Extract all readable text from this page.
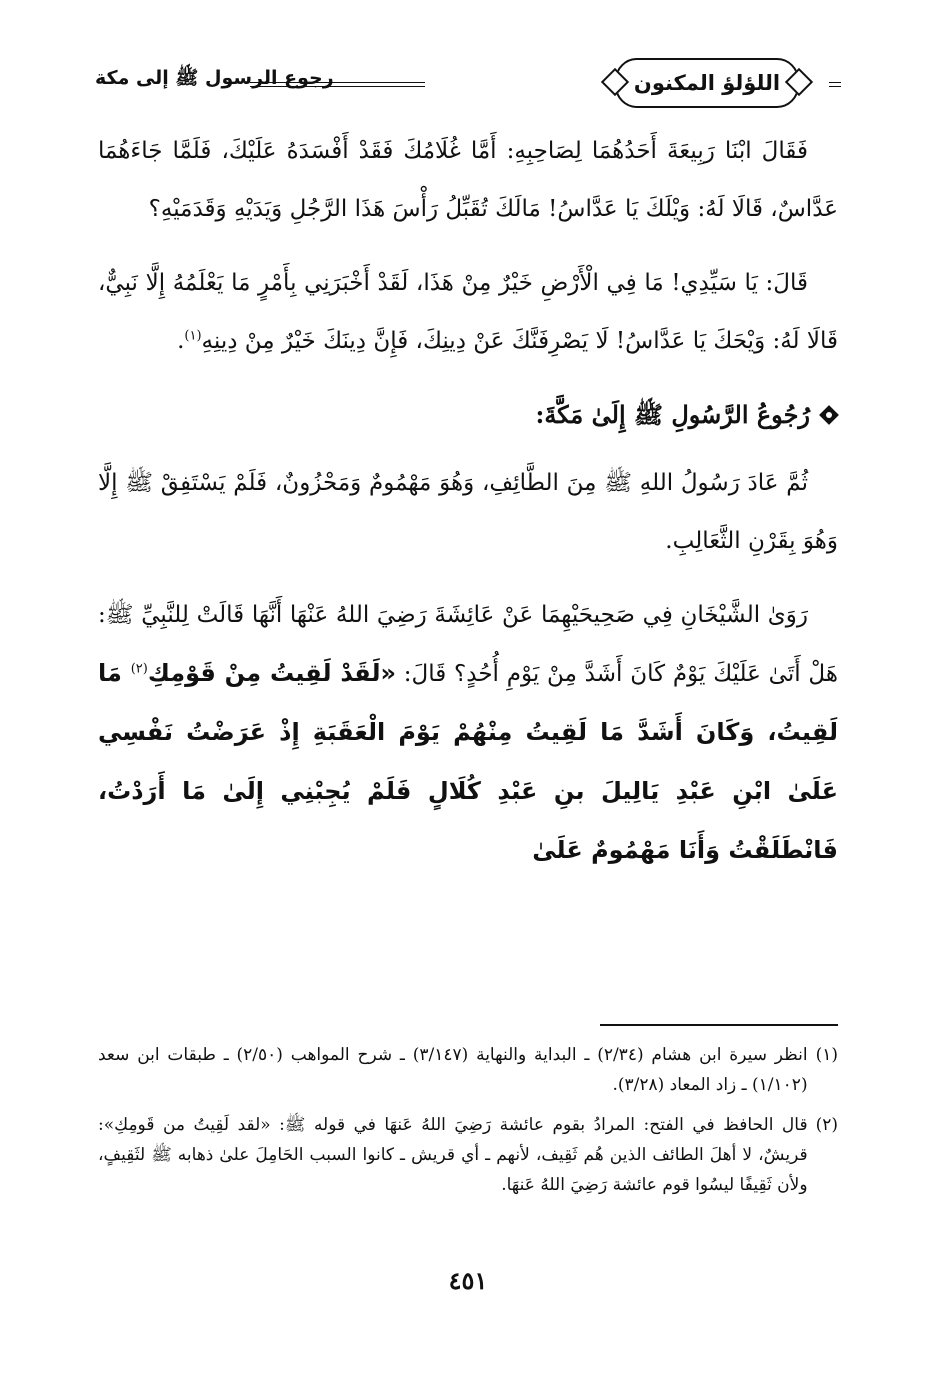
اللؤلؤ المكنون
رجوع الرسول ﷺ إلى مكة

فَقَالَ ابْنَا رَبِيعَةَ أَحَدُهُمَا لِصَاحِبِهِ: أَمَّا غُلَامُكَ فَقَدْ أَفْسَدَهُ عَلَيْكَ، فَلَمَّا جَاءَهُمَا عَدَّاسٌ، قَالَا لَهُ: وَيْلَكَ يَا عَدَّاسُ! مَالَكَ تُقَبِّلُ رَأْسَ هَذَا الرَّجُلِ وَيَدَيْهِ وَقَدَمَيْهِ؟

قَالَ: يَا سَيِّدِي! مَا فِي الْأَرْضِ خَيْرٌ مِنْ هَذَا، لَقَدْ أَخْبَرَنِي بِأَمْرٍ مَا يَعْلَمُهُ إِلَّا نَبِيٌّ، قَالَا لَهُ: وَيْحَكَ يَا عَدَّاسُ! لَا يَصْرِفَنَّكَ عَنْ دِينِكَ، فَإِنَّ دِينَكَ خَيْرٌ مِنْ دِينِهِ$^{(١)}$.

رُجُوعُ الرَّسُولِ ﷺ إِلَىٰ مَكَّةَ:

ثُمَّ عَادَ رَسُولُ اللهِ ﷺ مِنَ الطَّائِفِ، وَهُوَ مَهْمُومٌ وَمَحْزُونٌ، فَلَمْ يَسْتَفِقْ ﷺ إِلَّا وَهُوَ بِقَرْنِ الثَّعَالِبِ.

رَوَىٰ الشَّيْخَانِ فِي صَحِيحَيْهِمَا عَنْ عَائِشَةَ رَضِيَ اللهُ عَنْهَا أَنَّهَا قَالَتْ لِلنَّبِيِّ ﷺ: هَلْ أَتَىٰ عَلَيْكَ يَوْمٌ كَانَ أَشَدَّ مِنْ يَوْمِ أُحُدٍ؟ قَالَ: «لَقَدْ لَقِيتُ مِنْ قَوْمِكِ$^{(٢)}$ مَا لَقِيتُ، وَكَانَ أَشَدَّ مَا لَقِيتُ مِنْهُمْ يَوْمَ الْعَقَبَةِ إِذْ عَرَضْتُ نَفْسِي عَلَىٰ ابْنِ عَبْدِ يَالِيلَ بنِ عَبْدِ كُلَالٍ فَلَمْ يُجِبْنِي إِلَىٰ مَا أَرَدْتُ، فَانْطَلَقْتُ وَأَنَا مَهْمُومٌ عَلَىٰ

(١)
انظر سيرة ابن هشام (٢/٣٤) ـ البداية والنهاية (٣/١٤٧) ـ شرح المواهب (٢/٥٠) ـ طبقات ابن سعد (١/١٠٢) ـ زاد المعاد (٣/٢٨).
(٢)
قال الحافظ في الفتح: المرادُ بقوم عائشة رَضِيَ اللهُ عَنهَا في قوله ﷺ: «لقد لَقِيتُ من قَومِكِ»: قريشٌ، لا أهلَ الطائف الذين هُم ثَقِيف، لأنهم ـ أي قريش ـ كانوا السبب الحَامِلَ علىٰ ذهابه ﷺ لثَقِيفٍ، ولأن ثَقِيفًا ليسُوا قوم عائشة رَضِيَ اللهُ عَنهَا.
٤٥١
